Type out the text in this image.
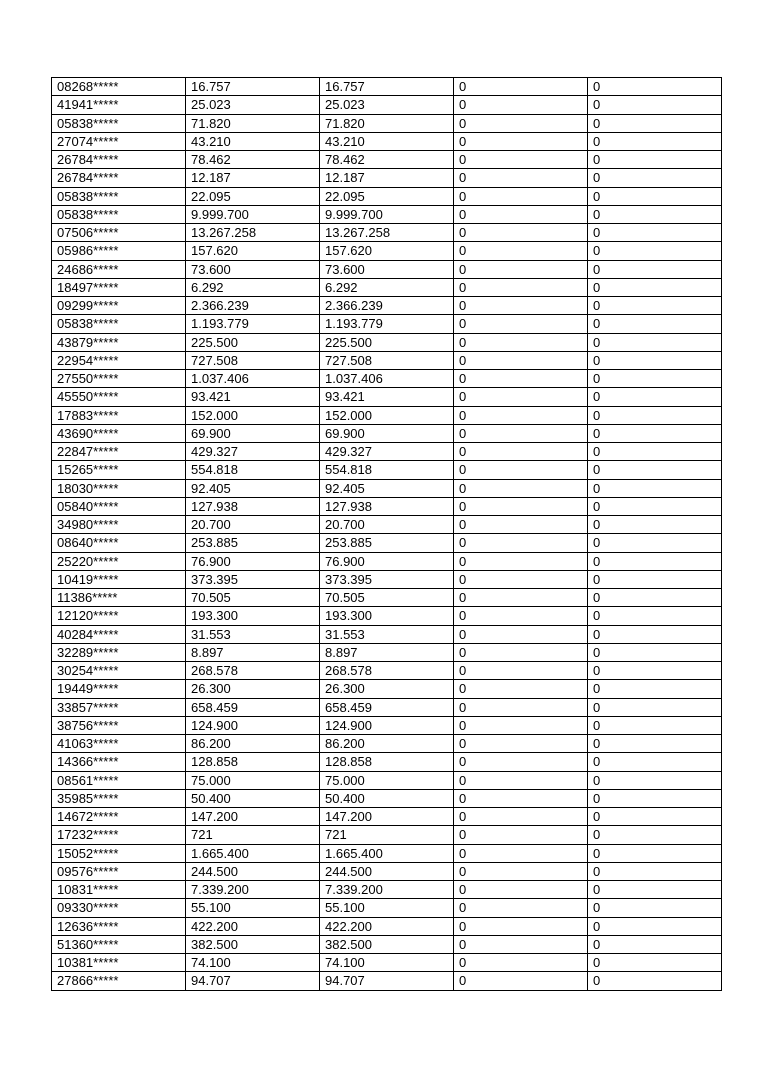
08268*****	16.757	16.757	0	0
41941*****	25.023	25.023	0	0
05838*****	71.820	71.820	0	0
27074*****	43.210	43.210	0	0
26784*****	78.462	78.462	0	0
26784*****	12.187	12.187	0	0
05838*****	22.095	22.095	0	0
05838*****	9.999.700	9.999.700	0	0
07506*****	13.267.258	13.267.258	0	0
05986*****	157.620	157.620	0	0
24686*****	73.600	73.600	0	0
18497*****	6.292	6.292	0	0
09299*****	2.366.239	2.366.239	0	0
05838*****	1.193.779	1.193.779	0	0
43879*****	225.500	225.500	0	0
22954*****	727.508	727.508	0	0
27550*****	1.037.406	1.037.406	0	0
45550*****	93.421	93.421	0	0
17883*****	152.000	152.000	0	0
43690*****	69.900	69.900	0	0
22847*****	429.327	429.327	0	0
15265*****	554.818	554.818	0	0
18030*****	92.405	92.405	0	0
05840*****	127.938	127.938	0	0
34980*****	20.700	20.700	0	0
08640*****	253.885	253.885	0	0
25220*****	76.900	76.900	0	0
10419*****	373.395	373.395	0	0
11386*****	70.505	70.505	0	0
12120*****	193.300	193.300	0	0
40284*****	31.553	31.553	0	0
32289*****	8.897	8.897	0	0
30254*****	268.578	268.578	0	0
19449*****	26.300	26.300	0	0
33857*****	658.459	658.459	0	0
38756*****	124.900	124.900	0	0
41063*****	86.200	86.200	0	0
14366*****	128.858	128.858	0	0
08561*****	75.000	75.000	0	0
35985*****	50.400	50.400	0	0
14672*****	147.200	147.200	0	0
17232*****	721	721	0	0
15052*****	1.665.400	1.665.400	0	0
09576*****	244.500	244.500	0	0
10831*****	7.339.200	7.339.200	0	0
09330*****	55.100	55.100	0	0
12636*****	422.200	422.200	0	0
51360*****	382.500	382.500	0	0
10381*****	74.100	74.100	0	0
27866*****	94.707	94.707	0	0
